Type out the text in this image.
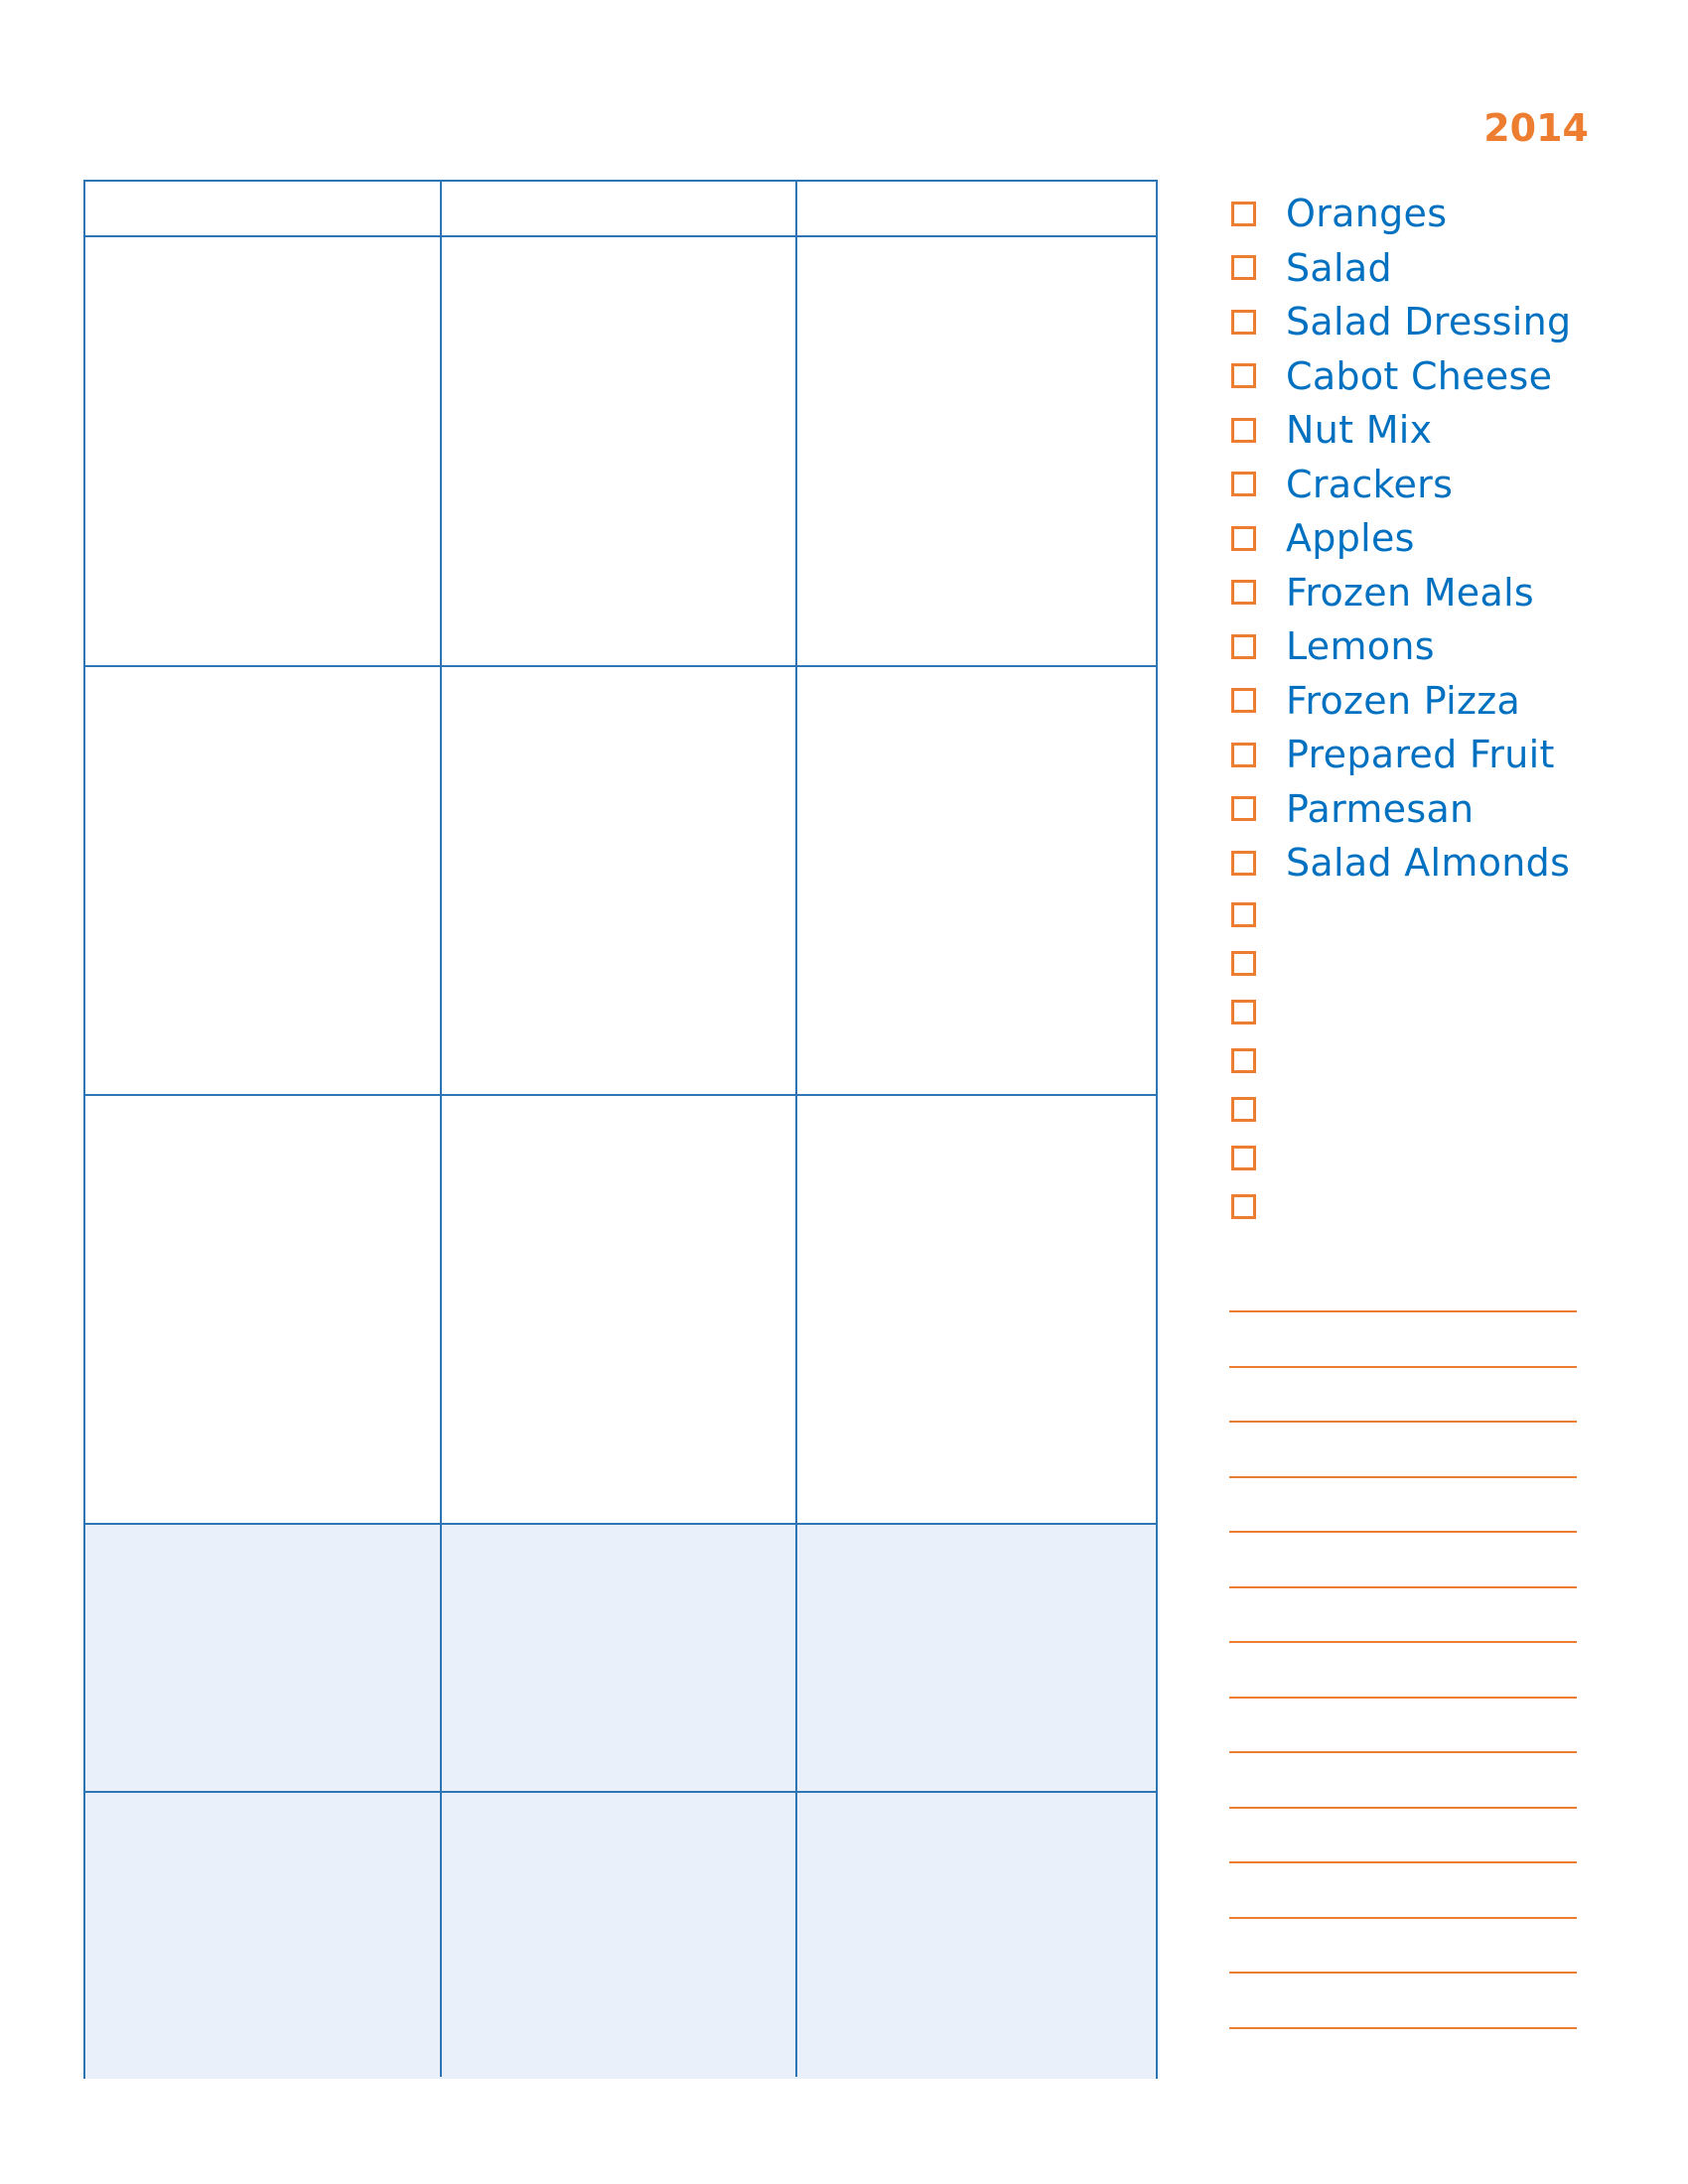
2014
Oranges
Salad
Salad Dressing
Cabot Cheese
Nut Mix
Crackers
Apples
Frozen Meals
Lemons
Frozen Pizza
Prepared Fruit
Parmesan
Salad Almonds
